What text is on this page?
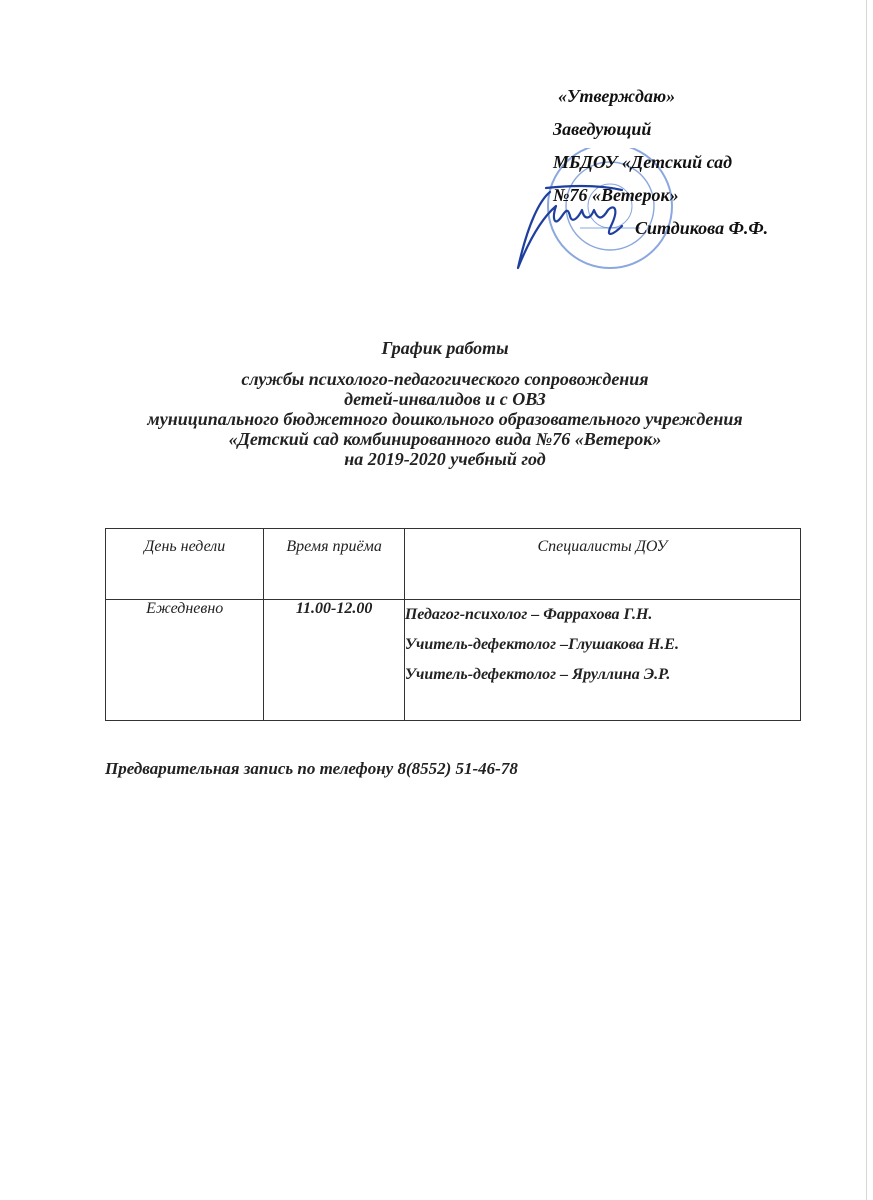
«Утверждаю»
Заведующий
МБДОУ «Детский сад
№76 «Ветерок»
Ситдикова Ф.Ф.
График работы
службы психолого-педагогического сопровождения
детей-инвалидов и с ОВЗ
муниципального бюджетного дошкольного образовательного учреждения
«Детский сад комбинированного вида №76 «Ветерок»
на 2019-2020 учебный год
День недели	Время приёма	Специалисты ДОУ
Ежедневно	11.00-12.00	Педагог-психолог – Фаррахова Г.Н.
Учитель-дефектолог –Глушакова Н.Е.
Учитель-дефектолог – Яруллина Э.Р.
Предварительная запись по телефону 8(8552) 51-46-78
